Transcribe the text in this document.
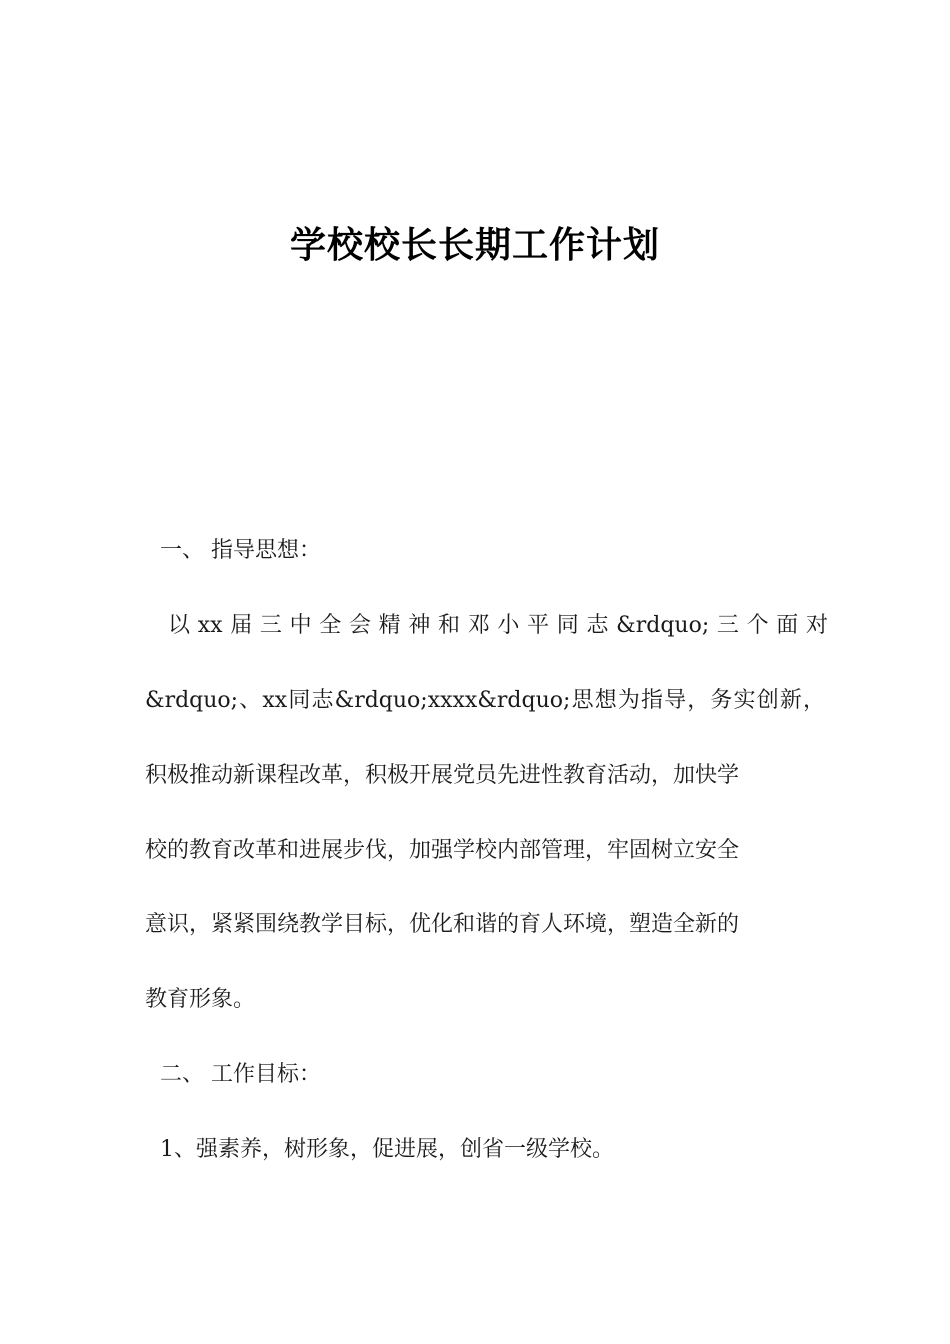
学校校长长期工作计划
一、 指导思想：
以xx届三中全会精神和邓小平同志&rdquo;三个面对
&rdquo;、xx同志&rdquo;xxxx&rdquo;思想为指导，务实创新，
积极推动新课程改革，积极开展党员先进性教育活动，加快学
校的教育改革和进展步伐，加强学校内部管理，牢固树立安全
意识，紧紧围绕教学目标，优化和谐的育人环境，塑造全新的
教育形象。
二、 工作目标：
1、强素养，树形象，促进展，创省一级学校。
